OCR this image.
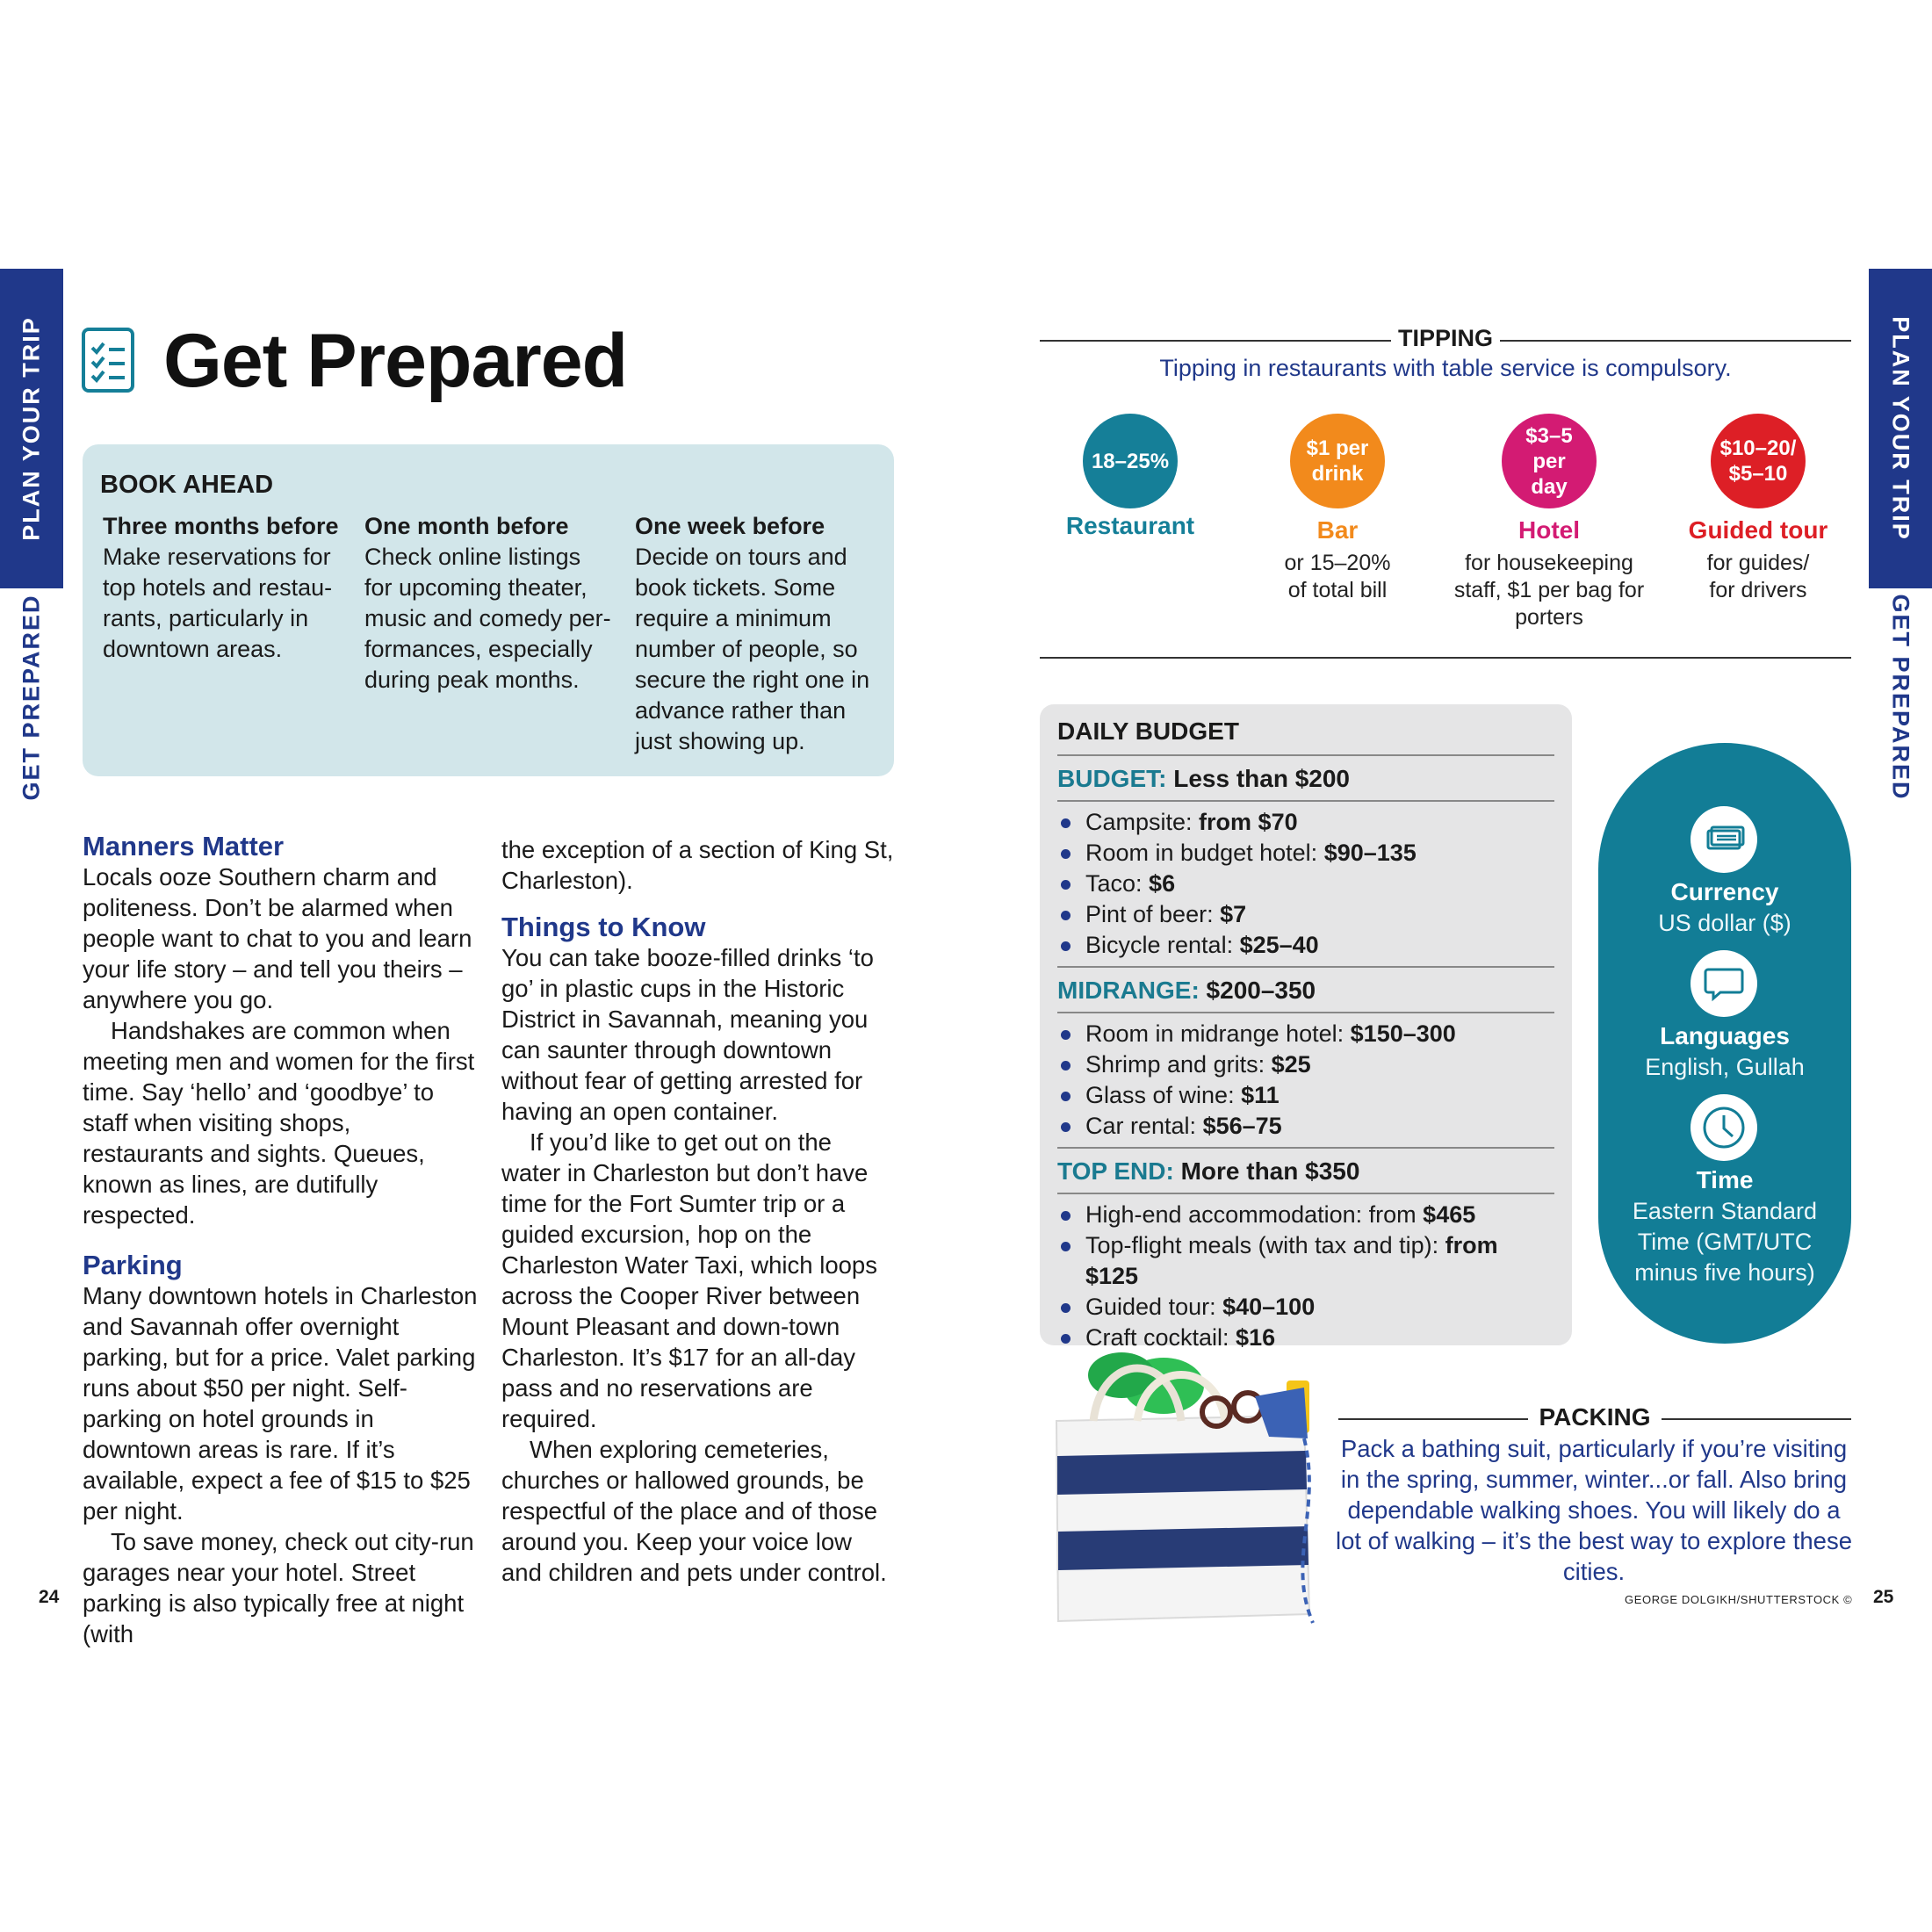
PLAN YOUR TRIP
GET PREPARED
Get Prepared
BOOK AHEAD
Three months before
Make reservations for top hotels and restau-rants, particularly in downtown areas.
One month before
Check online listings for upcoming theater, music and comedy per-formances, especially during peak months.
One week before
Decide on tours and book tickets. Some require a minimum number of people, so secure the right one in advance rather than just showing up.
Manners Matter

Locals ooze Southern charm and politeness. Don’t be alarmed when people want to chat to you and learn your life story – and tell you theirs – anywhere you go.

Handshakes are common when meeting men and women for the first time. Say ‘hello’ and ‘goodbye’ to staff when visiting shops, restaurants and sights. Queues, known as lines, are dutifully respected.

Parking

Many downtown hotels in Charleston and Savannah offer overnight parking, but for a price. Valet parking runs about $50 per night. Self-parking on hotel grounds in downtown areas is rare. If it’s available, expect a fee of $15 to $25 per night.

To save money, check out city-run garages near your hotel. Street parking is also typically free at night (with

the exception of a section of King St, Charleston).

Things to Know

You can take booze-filled drinks ‘to go’ in plastic cups in the Historic District in Savannah, meaning you can saunter through downtown without fear of getting arrested for having an open container.

If you’d like to get out on the water in Charleston but don’t have time for the Fort Sumter trip or a guided excursion, hop on the Charleston Water Taxi, which loops across the Cooper River between Mount Pleasant and down-town Charleston. It’s $17 for an all-day pass and no reservations are required.

When exploring cemeteries, churches or hallowed grounds, be respectful of the place and of those around you. Keep your voice low and children and pets under control.

24
PLAN YOUR TRIP
GET PREPARED
TIPPING
Tipping in restaurants with table service is compulsory.
18–25%
Restaurant
$1 per drink
Bar
or 15–20% of total bill
$3–5 per day
Hotel
for housekeeping staff, $1 per bag for porters
$10–20/ $5–10
Guided tour
for guides/ for drivers
DAILY BUDGET
BUDGET: Less than $200
Campsite: from $70
Room in budget hotel: $90–135
Taco: $6
Pint of beer: $7
Bicycle rental: $25–40
MIDRANGE: $200–350
Room in midrange hotel: $150–300
Shrimp and grits: $25
Glass of wine: $11
Car rental: $56–75
TOP END: More than $350
High-end accommodation: from $465
Top-flight meals (with tax and tip): from $125
Guided tour: $40–100
Craft cocktail: $16
Currency
US dollar ($)
Languages
English, Gullah
Time
Eastern Standard Time (GMT/UTC minus five hours)
PACKING
Pack a bathing suit, particularly if you’re visiting in the spring, summer, winter...or fall. Also bring dependable walking shoes. You will likely do a lot of walking – it’s the best way to explore these cities.
GEORGE DOLGIKH/SHUTTERSTOCK © 25
